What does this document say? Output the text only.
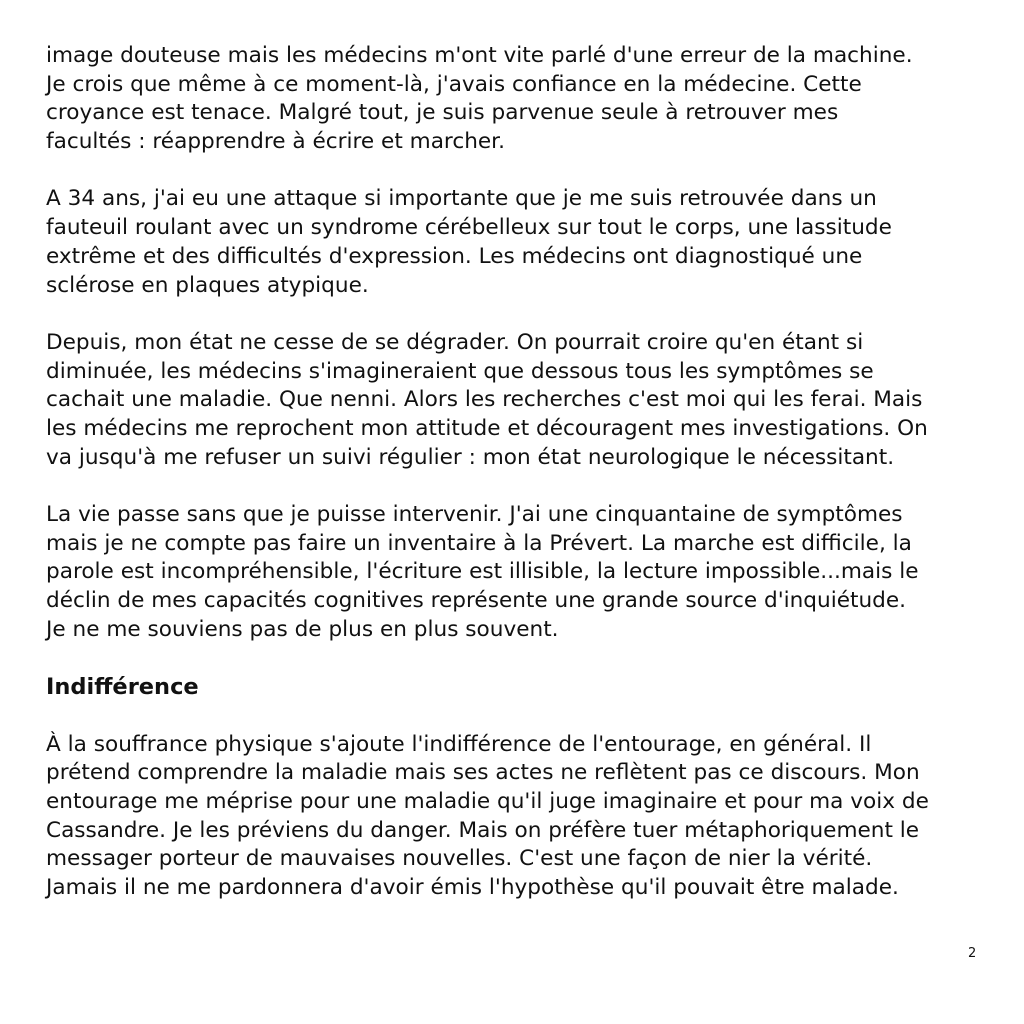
image douteuse mais les médecins m'ont vite parlé d'une erreur de la machine.
Je crois que même à ce moment-là, j'avais confiance en la médecine. Cette
croyance est tenace. Malgré tout, je suis parvenue seule à retrouver mes
facultés : réapprendre à écrire et marcher.
A 34 ans, j'ai eu une attaque si importante que je me suis retrouvée dans un
fauteuil roulant avec un syndrome cérébelleux sur tout le corps, une lassitude
extrême et des difficultés d'expression. Les médecins ont diagnostiqué une
sclérose en plaques atypique.
Depuis, mon état ne cesse de se dégrader. On pourrait croire qu'en étant si
diminuée, les médecins s'imagineraient que dessous tous les symptômes se
cachait une maladie. Que nenni. Alors les recherches c'est moi qui les ferai. Mais
les médecins me reprochent mon attitude et découragent mes investigations. On
va jusqu'à me refuser un suivi régulier : mon état neurologique le nécessitant.
La vie passe sans que je puisse intervenir. J'ai une cinquantaine de symptômes
mais je ne compte pas faire un inventaire à la Prévert. La marche est difficile, la
parole est incompréhensible, l'écriture est illisible, la lecture impossible...mais le
déclin de mes capacités cognitives représente une grande source d'inquiétude.
Je ne me souviens pas de plus en plus souvent.
Indifférence
À la souffrance physique s'ajoute l'indifférence de l'entourage, en général. Il
prétend comprendre la maladie mais ses actes ne reflètent pas ce discours. Mon
entourage me méprise pour une maladie qu'il juge imaginaire et pour ma voix de
Cassandre. Je les préviens du danger. Mais on préfère tuer métaphoriquement le
messager porteur de mauvaises nouvelles. C'est une façon de nier la vérité.
Jamais il ne me pardonnera d'avoir émis l'hypothèse qu'il pouvait être malade.
2
